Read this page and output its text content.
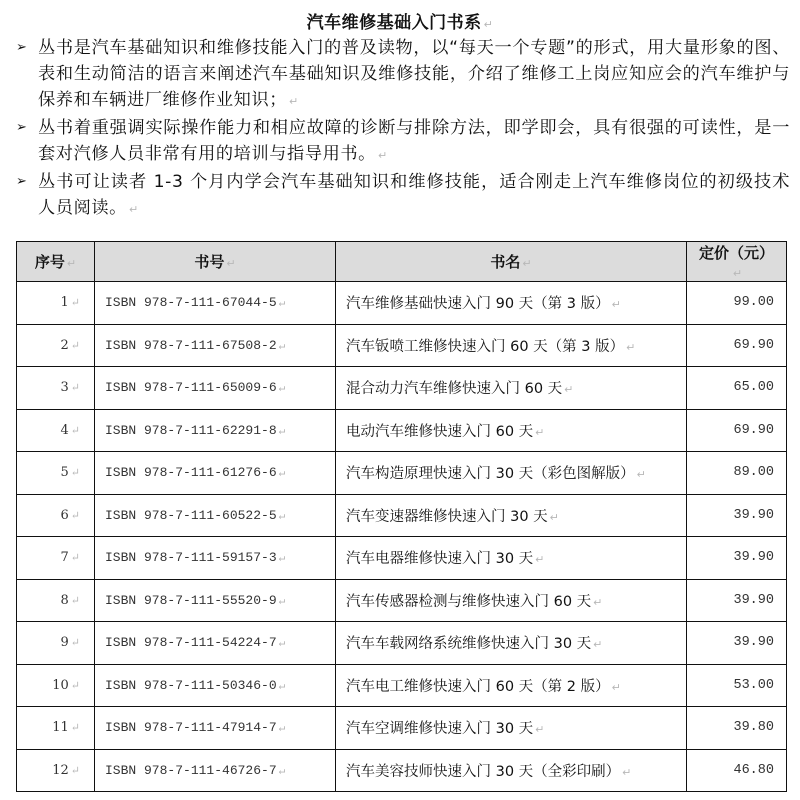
汽车维修基础入门书系 ↵
➢ 丛书是汽车基础知识和维修技能入门的普及读物，以“每天一个专题”的形式，用大量形象的图、表和生动简洁的语言来阐述汽车基础知识及维修技能，介绍了维修工上岗应知应会的汽车维护与保养和车辆进厂维修作业知识； ↵
➢ 丛书着重强调实际操作能力和相应故障的诊断与排除方法，即学即会，具有很强的可读性，是一套对汽修人员非常有用的培训与指导用书。 ↵
➢ 丛书可让读者 1-3 个月内学会汽车基础知识和维修技能，适合刚走上汽车维修岗位的初级技术人员阅读。 ↵
序号 ↵	书号 ↵	书名 ↵	定价（元）↵
1 ↵	ISBN 978-7-111-67044-5 ↵	汽车维修基础快速入门 90 天（第 3 版） ↵	99.00
2 ↵	ISBN 978-7-111-67508-2 ↵	汽车钣喷工维修快速入门 60 天（第 3 版） ↵	69.90
3 ↵	ISBN 978-7-111-65009-6 ↵	混合动力汽车维修快速入门 60 天 ↵	65.00
4 ↵	ISBN 978-7-111-62291-8 ↵	电动汽车维修快速入门 60 天 ↵	69.90
5 ↵	ISBN 978-7-111-61276-6 ↵	汽车构造原理快速入门 30 天（彩色图解版） ↵	89.00
6 ↵	ISBN 978-7-111-60522-5 ↵	汽车变速器维修快速入门 30 天 ↵	39.90
7 ↵	ISBN 978-7-111-59157-3 ↵	汽车电器维修快速入门 30 天 ↵	39.90
8 ↵	ISBN 978-7-111-55520-9 ↵	汽车传感器检测与维修快速入门 60 天 ↵	39.90
9 ↵	ISBN 978-7-111-54224-7 ↵	汽车车载网络系统维修快速入门 30 天 ↵	39.90
10 ↵	ISBN 978-7-111-50346-0 ↵	汽车电工维修快速入门 60 天（第 2 版） ↵	53.00
11 ↵	ISBN 978-7-111-47914-7 ↵	汽车空调维修快速入门 30 天 ↵	39.80
12 ↵	ISBN 978-7-111-46726-7 ↵	汽车美容技师快速入门 30 天（全彩印刷） ↵	46.80
